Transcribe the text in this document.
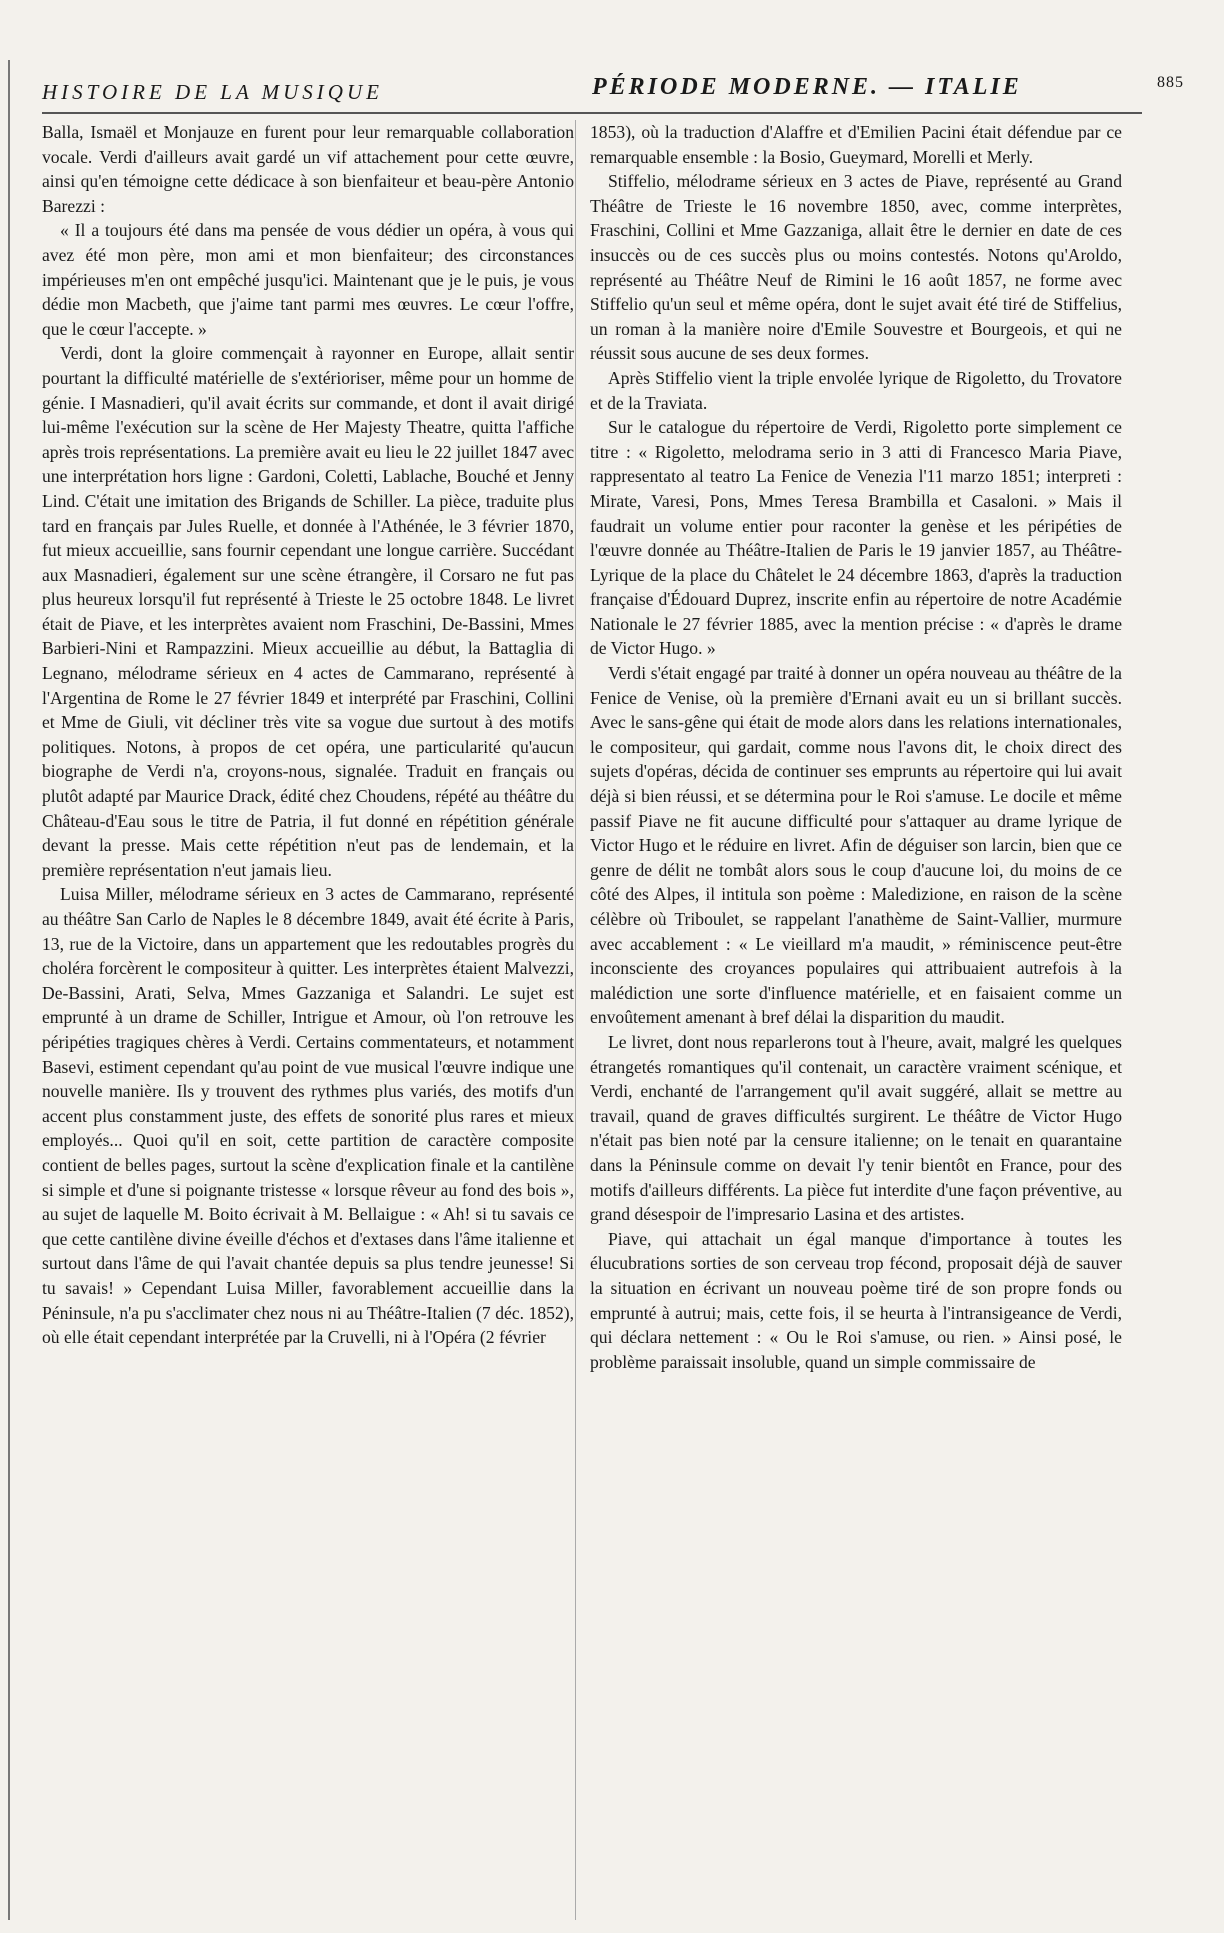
HISTOIRE DE LA MUSIQUE	PÉRIODE MODERNE. — ITALIE	885

Balla, Ismaël et Monjauze en furent pour leur remarquable collaboration vocale. Verdi d'ailleurs avait gardé un vif attachement pour cette œuvre, ainsi qu'en témoigne cette dédicace à son bienfaiteur et beau-père Antonio Barezzi :

« Il a toujours été dans ma pensée de vous dédier un opéra, à vous qui avez été mon père, mon ami et mon bienfaiteur; des circonstances impérieuses m'en ont empêché jusqu'ici. Maintenant que je le puis, je vous dédie mon Macbeth, que j'aime tant parmi mes œuvres. Le cœur l'offre, que le cœur l'accepte. »

Verdi, dont la gloire commençait à rayonner en Europe, allait sentir pourtant la difficulté matérielle de s'extérioriser, même pour un homme de génie. I Masnadieri, qu'il avait écrits sur commande, et dont il avait dirigé lui-même l'exécution sur la scène de Her Majesty Theatre, quitta l'affiche après trois représentations. La première avait eu lieu le 22 juillet 1847 avec une interprétation hors ligne : Gardoni, Coletti, Lablache, Bouché et Jenny Lind. C'était une imitation des Brigands de Schiller. La pièce, traduite plus tard en français par Jules Ruelle, et donnée à l'Athénée, le 3 février 1870, fut mieux accueillie, sans fournir cependant une longue carrière. Succédant aux Masnadieri, également sur une scène étrangère, il Corsaro ne fut pas plus heureux lorsqu'il fut représenté à Trieste le 25 octobre 1848. Le livret était de Piave, et les interprètes avaient nom Fraschini, De-Bassini, Mmes Barbieri-Nini et Rampazzini. Mieux accueillie au début, la Battaglia di Legnano, mélodrame sérieux en 4 actes de Cammarano, représenté à l'Argentina de Rome le 27 février 1849 et interprété par Fraschini, Collini et Mme de Giuli, vit décliner très vite sa vogue due surtout à des motifs politiques. Notons, à propos de cet opéra, une particularité qu'aucun biographe de Verdi n'a, croyons-nous, signalée. Traduit en français ou plutôt adapté par Maurice Drack, édité chez Choudens, répété au théâtre du Château-d'Eau sous le titre de Patria, il fut donné en répétition générale devant la presse. Mais cette répétition n'eut pas de lendemain, et la première représentation n'eut jamais lieu.

Luisa Miller, mélodrame sérieux en 3 actes de Cammarano, représenté au théâtre San Carlo de Naples le 8 décembre 1849, avait été écrite à Paris, 13, rue de la Victoire, dans un appartement que les redoutables progrès du choléra forcèrent le compositeur à quitter. Les interprètes étaient Malvezzi, De-Bassini, Arati, Selva, Mmes Gazzaniga et Salandri. Le sujet est emprunté à un drame de Schiller, Intrigue et Amour, où l'on retrouve les péripéties tragiques chères à Verdi. Certains commentateurs, et notamment Basevi, estiment cependant qu'au point de vue musical l'œuvre indique une nouvelle manière. Ils y trouvent des rythmes plus variés, des motifs d'un accent plus constamment juste, des effets de sonorité plus rares et mieux employés... Quoi qu'il en soit, cette partition de caractère composite contient de belles pages, surtout la scène d'explication finale et la cantilène si simple et d'une si poignante tristesse « lorsque rêveur au fond des bois », au sujet de laquelle M. Boito écrivait à M. Bellaigue : « Ah! si tu savais ce que cette cantilène divine éveille d'échos et d'extases dans l'âme italienne et surtout dans l'âme de qui l'avait chantée depuis sa plus tendre jeunesse! Si tu savais! » Cependant Luisa Miller, favorablement accueillie dans la Péninsule, n'a pu s'acclimater chez nous ni au Théâtre-Italien (7 déc. 1852), où elle était cependant interprétée par la Cruvelli, ni à l'Opéra (2 février

1853), où la traduction d'Alaffre et d'Emilien Pacini était défendue par ce remarquable ensemble : la Bosio, Gueymard, Morelli et Merly.

Stiffelio, mélodrame sérieux en 3 actes de Piave, représenté au Grand Théâtre de Trieste le 16 novembre 1850, avec, comme interprètes, Fraschini, Collini et Mme Gazzaniga, allait être le dernier en date de ces insuccès ou de ces succès plus ou moins contestés. Notons qu'Aroldo, représenté au Théâtre Neuf de Rimini le 16 août 1857, ne forme avec Stiffelio qu'un seul et même opéra, dont le sujet avait été tiré de Stiffelius, un roman à la manière noire d'Emile Souvestre et Bourgeois, et qui ne réussit sous aucune de ses deux formes.

Après Stiffelio vient la triple envolée lyrique de Rigoletto, du Trovatore et de la Traviata.

Sur le catalogue du répertoire de Verdi, Rigoletto porte simplement ce titre : « Rigoletto, melodrama serio in 3 atti di Francesco Maria Piave, rappresentato al teatro La Fenice de Venezia l'11 marzo 1851; interpreti : Mirate, Varesi, Pons, Mmes Teresa Brambilla et Casaloni. » Mais il faudrait un volume entier pour raconter la genèse et les péripéties de l'œuvre donnée au Théâtre-Italien de Paris le 19 janvier 1857, au Théâtre-Lyrique de la place du Châtelet le 24 décembre 1863, d'après la traduction française d'Édouard Duprez, inscrite enfin au répertoire de notre Académie Nationale le 27 février 1885, avec la mention précise : « d'après le drame de Victor Hugo. »

Verdi s'était engagé par traité à donner un opéra nouveau au théâtre de la Fenice de Venise, où la première d'Ernani avait eu un si brillant succès. Avec le sans-gêne qui était de mode alors dans les relations internationales, le compositeur, qui gardait, comme nous l'avons dit, le choix direct des sujets d'opéras, décida de continuer ses emprunts au répertoire qui lui avait déjà si bien réussi, et se détermina pour le Roi s'amuse. Le docile et même passif Piave ne fit aucune difficulté pour s'attaquer au drame lyrique de Victor Hugo et le réduire en livret. Afin de déguiser son larcin, bien que ce genre de délit ne tombât alors sous le coup d'aucune loi, du moins de ce côté des Alpes, il intitula son poème : Maledizione, en raison de la scène célèbre où Triboulet, se rappelant l'anathème de Saint-Vallier, murmure avec accablement : « Le vieillard m'a maudit, » réminiscence peut-être inconsciente des croyances populaires qui attribuaient autrefois à la malédiction une sorte d'influence matérielle, et en faisaient comme un envoûtement amenant à bref délai la disparition du maudit.

Le livret, dont nous reparlerons tout à l'heure, avait, malgré les quelques étrangetés romantiques qu'il contenait, un caractère vraiment scénique, et Verdi, enchanté de l'arrangement qu'il avait suggéré, allait se mettre au travail, quand de graves difficultés surgirent. Le théâtre de Victor Hugo n'était pas bien noté par la censure italienne; on le tenait en quarantaine dans la Péninsule comme on devait l'y tenir bientôt en France, pour des motifs d'ailleurs différents. La pièce fut interdite d'une façon préventive, au grand désespoir de l'impresario Lasina et des artistes.

Piave, qui attachait un égal manque d'importance à toutes les élucubrations sorties de son cerveau trop fécond, proposait déjà de sauver la situation en écrivant un nouveau poème tiré de son propre fonds ou emprunté à autrui; mais, cette fois, il se heurta à l'intransigeance de Verdi, qui déclara nettement : « Ou le Roi s'amuse, ou rien. » Ainsi posé, le problème paraissait insoluble, quand un simple commissaire de
